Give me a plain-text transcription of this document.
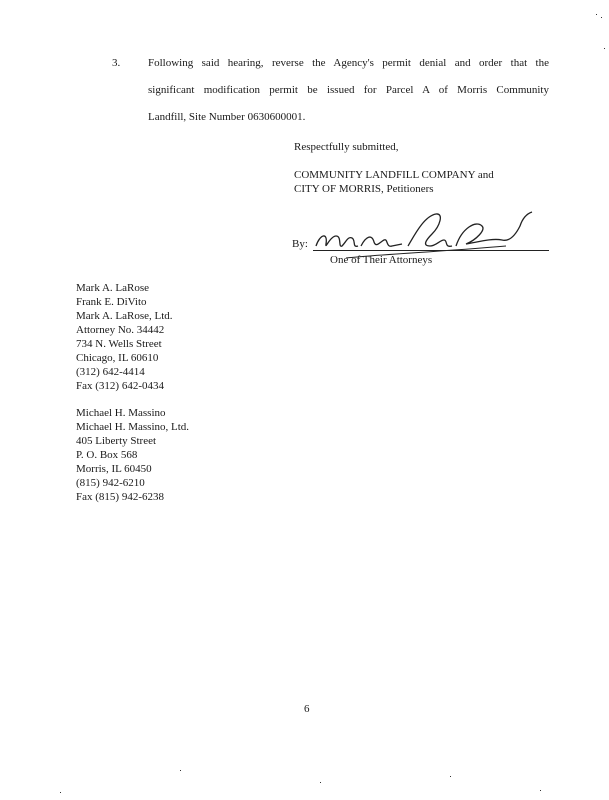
3.	Following said hearing, reverse the Agency's permit denial and order that the
significant modification permit be issued for Parcel A of Morris Community
Landfill, Site Number 0630600001.
Respectfully submitted,
COMMUNITY LANDFILL COMPANY and
CITY OF MORRIS, Petitioners
By:
One of Their Attorneys
Mark A. LaRose
Frank E. DiVito
Mark A. LaRose, Ltd.
Attorney No. 34442
734 N. Wells Street
Chicago, IL 60610
(312) 642-4414
Fax (312) 642-0434
Michael H. Massino
Michael H. Massino, Ltd.
405 Liberty Street
P. O. Box 568
Morris, IL 60450
(815) 942-6210
Fax (815) 942-6238
6
